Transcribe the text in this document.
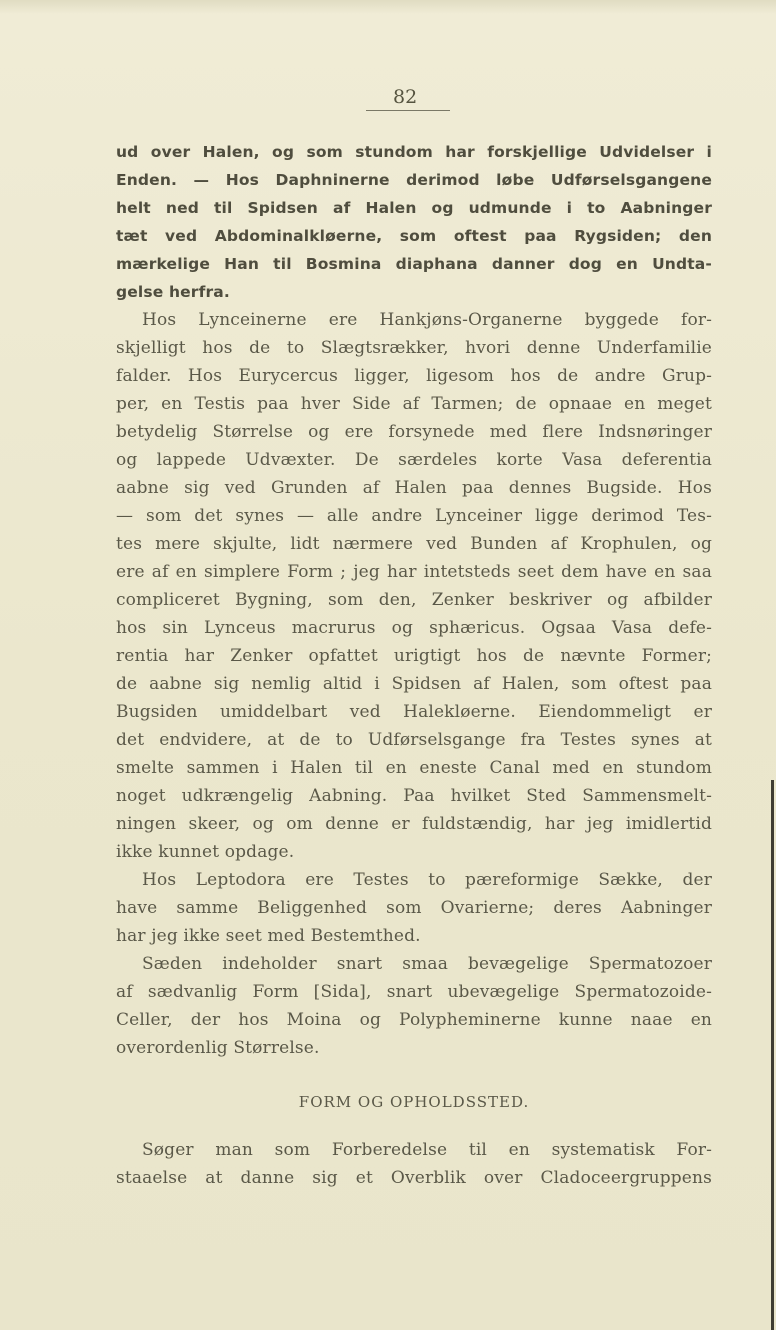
82
ud over Halen, og som stundom har forskjellige Udvidelser i
Enden. — Hos Daphninerne derimod løbe Udførselsgangene
helt ned til Spidsen af Halen og udmunde i to Aabninger
tæt ved Abdominalkløerne, som oftest paa Rygsiden; den
mærkelige Han til Bosmina diaphana danner dog en Undta-
gelse herfra.
Hos Lynceinerne ere Hankjøns-Organerne byggede for-
skjelligt hos de to Slægtsrækker, hvori denne Underfamilie
falder. Hos Eurycercus ligger, ligesom hos de andre Grup-
per, en Testis paa hver Side af Tarmen; de opnaae en meget
betydelig Størrelse og ere forsynede med flere Indsnøringer
og lappede Udvæxter. De særdeles korte Vasa deferentia
aabne sig ved Grunden af Halen paa dennes Bugside. Hos
— som det synes — alle andre Lynceiner ligge derimod Tes-
tes mere skjulte, lidt nærmere ved Bunden af Krophulen, og
ere af en simplere Form ; jeg har intetsteds seet dem have en saa
compliceret Bygning, som den, Zenker beskriver og afbilder
hos sin Lynceus macrurus og sphæricus. Ogsaa Vasa defe-
rentia har Zenker opfattet urigtigt hos de nævnte Former;
de aabne sig nemlig altid i Spidsen af Halen, som oftest paa
Bugsiden umiddelbart ved Halekløerne. Eiendommeligt er
det endvidere, at de to Udførselsgange fra Testes synes at
smelte sammen i Halen til en eneste Canal med en stundom
noget udkrængelig Aabning. Paa hvilket Sted Sammensmelt-
ningen skeer, og om denne er fuldstændig, har jeg imidlertid
ikke kunnet opdage.
Hos Leptodora ere Testes to pæreformige Sække, der
have samme Beliggenhed som Ovarierne; deres Aabninger
har jeg ikke seet med Bestemthed.
Sæden indeholder snart smaa bevægelige Spermatozoer
af sædvanlig Form [Sida], snart ubevægelige Spermatozoide-
Celler, der hos Moina og Polypheminerne kunne naae en
overordenlig Størrelse.
FORM OG OPHOLDSSTED.
Søger man som Forberedelse til en systematisk For-
staaelse at danne sig et Overblik over Cladoceergruppens
